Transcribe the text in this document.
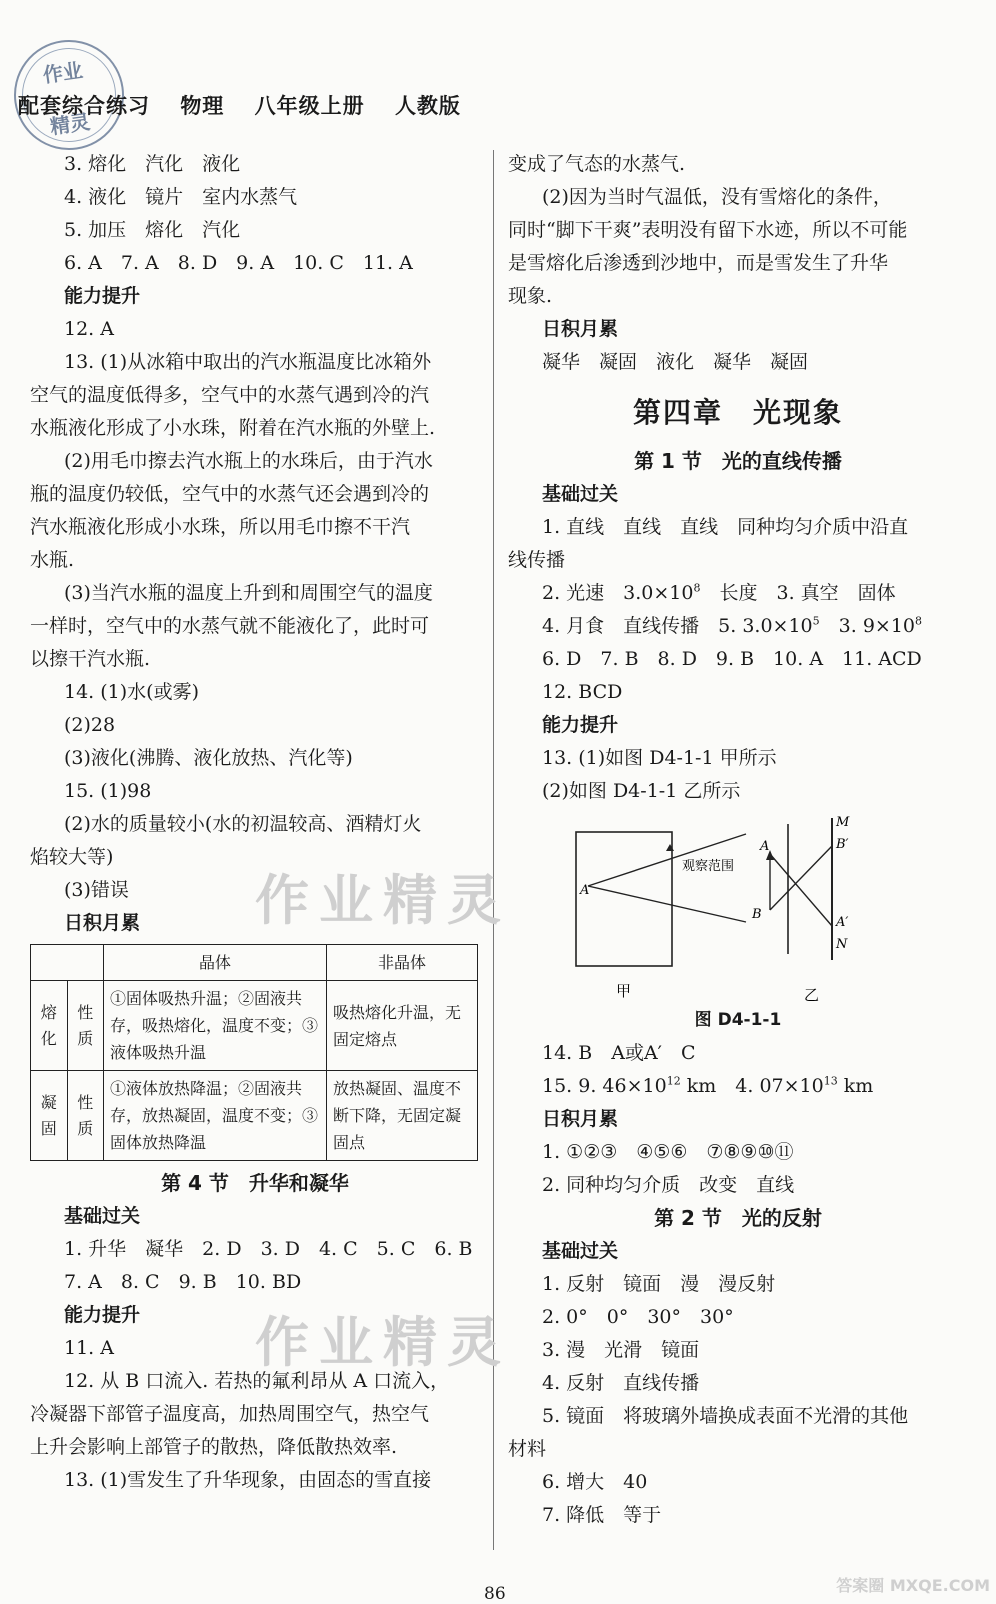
作业
精灵
配套综合练习 物理 八年级上册 人教版
作业精灵
作业精灵
3. 熔化　汽化　液化
4. 液化　镜片　室内水蒸气
5. 加压　熔化　汽化
6. A　7. A　8. D　9. A　10. C　11. A
能力提升
12. A
13. (1)从冰箱中取出的汽水瓶温度比冰箱外
空气的温度低得多，空气中的水蒸气遇到冷的汽
水瓶液化形成了小水珠，附着在汽水瓶的外壁上.
(2)用毛巾擦去汽水瓶上的水珠后，由于汽水
瓶的温度仍较低，空气中的水蒸气还会遇到冷的
汽水瓶液化形成小水珠，所以用毛巾擦不干汽
水瓶.
(3)当汽水瓶的温度上升到和周围空气的温度
一样时，空气中的水蒸气就不能液化了，此时可
以擦干汽水瓶.
14. (1)水(或雾)
(2)28
(3)液化(沸腾、液化放热、汽化等)
15. (1)98
(2)水的质量较小(水的初温较高、酒精灯火
焰较大等)
(3)错误
日积月累
		晶体	非晶体
熔化	性质	①固体吸热升温；②固液共存，吸热熔化，温度不变；③液体吸热升温	吸热熔化升温，无固定熔点
凝固	性质	①液体放热降温；②固液共存，放热凝固，温度不变；③固体放热降温	放热凝固、温度不断下降，无固定凝固点
第 4 节　升华和凝华
基础过关
1. 升华　凝华　2. D　3. D　4. C　5. C　6. B
7. A　8. C　9. B　10. BD
能力提升
11. A
12. 从 B 口流入. 若热的氟利昂从 A 口流入，
冷凝器下部管子温度高，加热周围空气，热空气
上升会影响上部管子的散热，降低散热效率.
13. (1)雪发生了升华现象，由固态的雪直接
变成了气态的水蒸气.
(2)因为当时气温低，没有雪熔化的条件，
同时“脚下干爽”表明没有留下水迹，所以不可能
是雪熔化后渗透到沙地中，而是雪发生了升华
现象.
日积月累
凝华　凝固　液化　凝华　凝固
第四章　光现象
第 1 节　光的直线传播
基础过关
1. 直线　直线　直线　同种均匀介质中沿直
线传播
2. 光速　$3.0\times 10^8$　长度　3. 真空　固体
4. 月食　直线传播　5. $3.0\times 10^5$　3. $9\times 10^8$
6. D　7. B　8. D　9. B　10. A　11. ACD
12. BCD
能力提升
13. (1)如图 D4-1-1 甲所示
(2)如图 D4-1-1 乙所示
A
观察范围
甲	乙
M
B′
A′
N
A
B
图 D4-1-1
14. B　A或A′　C
15. 9. $46\times 10^{12}$ km　4. $07\times 10^{13}$ km
日积月累
1. ①②③　④⑤⑥　⑦⑧⑨⑩⑪
2. 同种均匀介质　改变　直线
第 2 节　光的反射
基础过关
1. 反射　镜面　漫　漫反射
2. 0°　0°　30°　30°
3. 漫　光滑　镜面
4. 反射　直线传播
5. 镜面　将玻璃外墙换成表面不光滑的其他
材料
6. 增大　40
7. 降低　等于
86	答案圈 MXQE.COM
